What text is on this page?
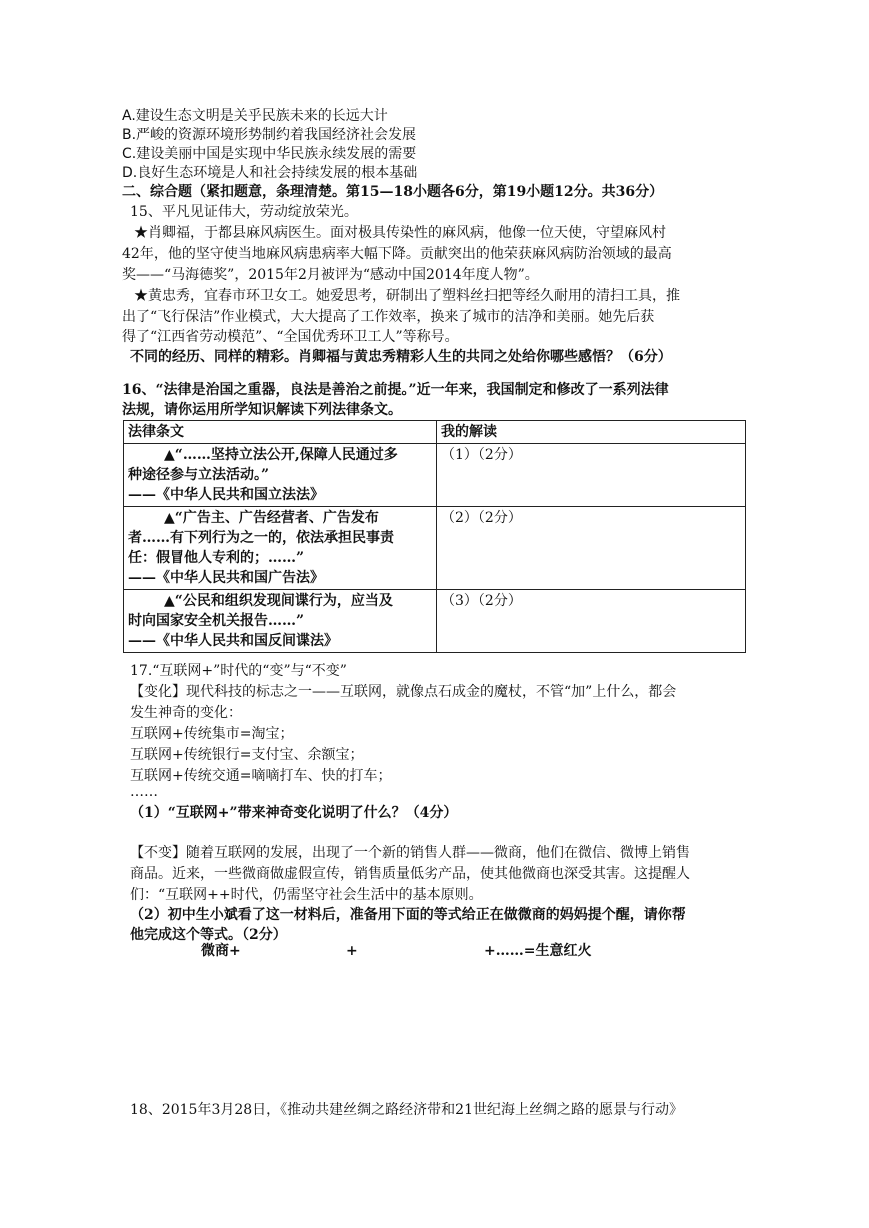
A.建设生态文明是关乎民族未来的长远大计
B.严峻的资源环境形势制约着我国经济社会发展
C.建设美丽中国是实现中华民族永续发展的需要
D.良好生态环境是人和社会持续发展的根本基础
二、综合题（紧扣题意，条理清楚。第15—18小题各6分，第19小题12分。共36分）
15、平凡见证伟大，劳动绽放荣光。
★肖卿福，于都县麻风病医生。面对极具传染性的麻风病，他像一位天使，守望麻风村
42年，他的坚守使当地麻风病患病率大幅下降。贡献突出的他荣获麻风病防治领域的最高
奖——“马海德奖”，2015年2月被评为“感动中国2014年度人物”。
★黄忠秀，宜春市环卫女工。她爱思考，研制出了塑料丝扫把等经久耐用的清扫工具，推
出了“飞行保洁”作业模式，大大提高了工作效率，换来了城市的洁净和美丽。她先后获
得了“江西省劳动模范”、“全国优秀环卫工人”等称号。
不同的经历、同样的精彩。肖卿福与黄忠秀精彩人生的共同之处给你哪些感悟？（6分）
16、“法律是治国之重器，良法是善治之前提。”近一年来，我国制定和修改了一系列法律
法规，请你运用所学知识解读下列法律条文。
法律条文	我的解读

▲“……坚持立法公开,保障人民通过多
种途径参与立法活动。”
——《中华人民共和国立法法》	（1）（2分）

▲“广告主、广告经营者、广告发布
者……有下列行为之一的，依法承担民事责
任：假冒他人专利的；……”
——《中华人民共和国广告法》	（2）（2分）

▲“公民和组织发现间谍行为，应当及
时向国家安全机关报告……”
——《中华人民共和国反间谍法》	（3）（2分）
17.“互联网+”时代的“变”与“不变”
【变化】现代科技的标志之一——互联网，就像点石成金的魔杖，不管“加”上什么，都会
发生神奇的变化：
互联网+传统集市=淘宝；
互联网+传统银行=支付宝、余额宝；
互联网+传统交通=嘀嘀打车、快的打车；
……
（1）“互联网+”带来神奇变化说明了什么？（4分）
【不变】随着互联网的发展，出现了一个新的销售人群——微商，他们在微信、微博上销售
商品。近来，一些微商做虚假宣传，销售质量低劣产品，使其他微商也深受其害。这提醒人
们：“互联网++时代，仍需坚守社会生活中的基本原则。
（2）初中生小斌看了这一材料后，准备用下面的等式给正在做微商的妈妈提个醒，请你帮
他完成这个等式。（2分）
微商+	+	+……=生意红火
18、2015年3月28日，《推动共建丝绸之路经济带和21世纪海上丝绸之路的愿景与行动》
